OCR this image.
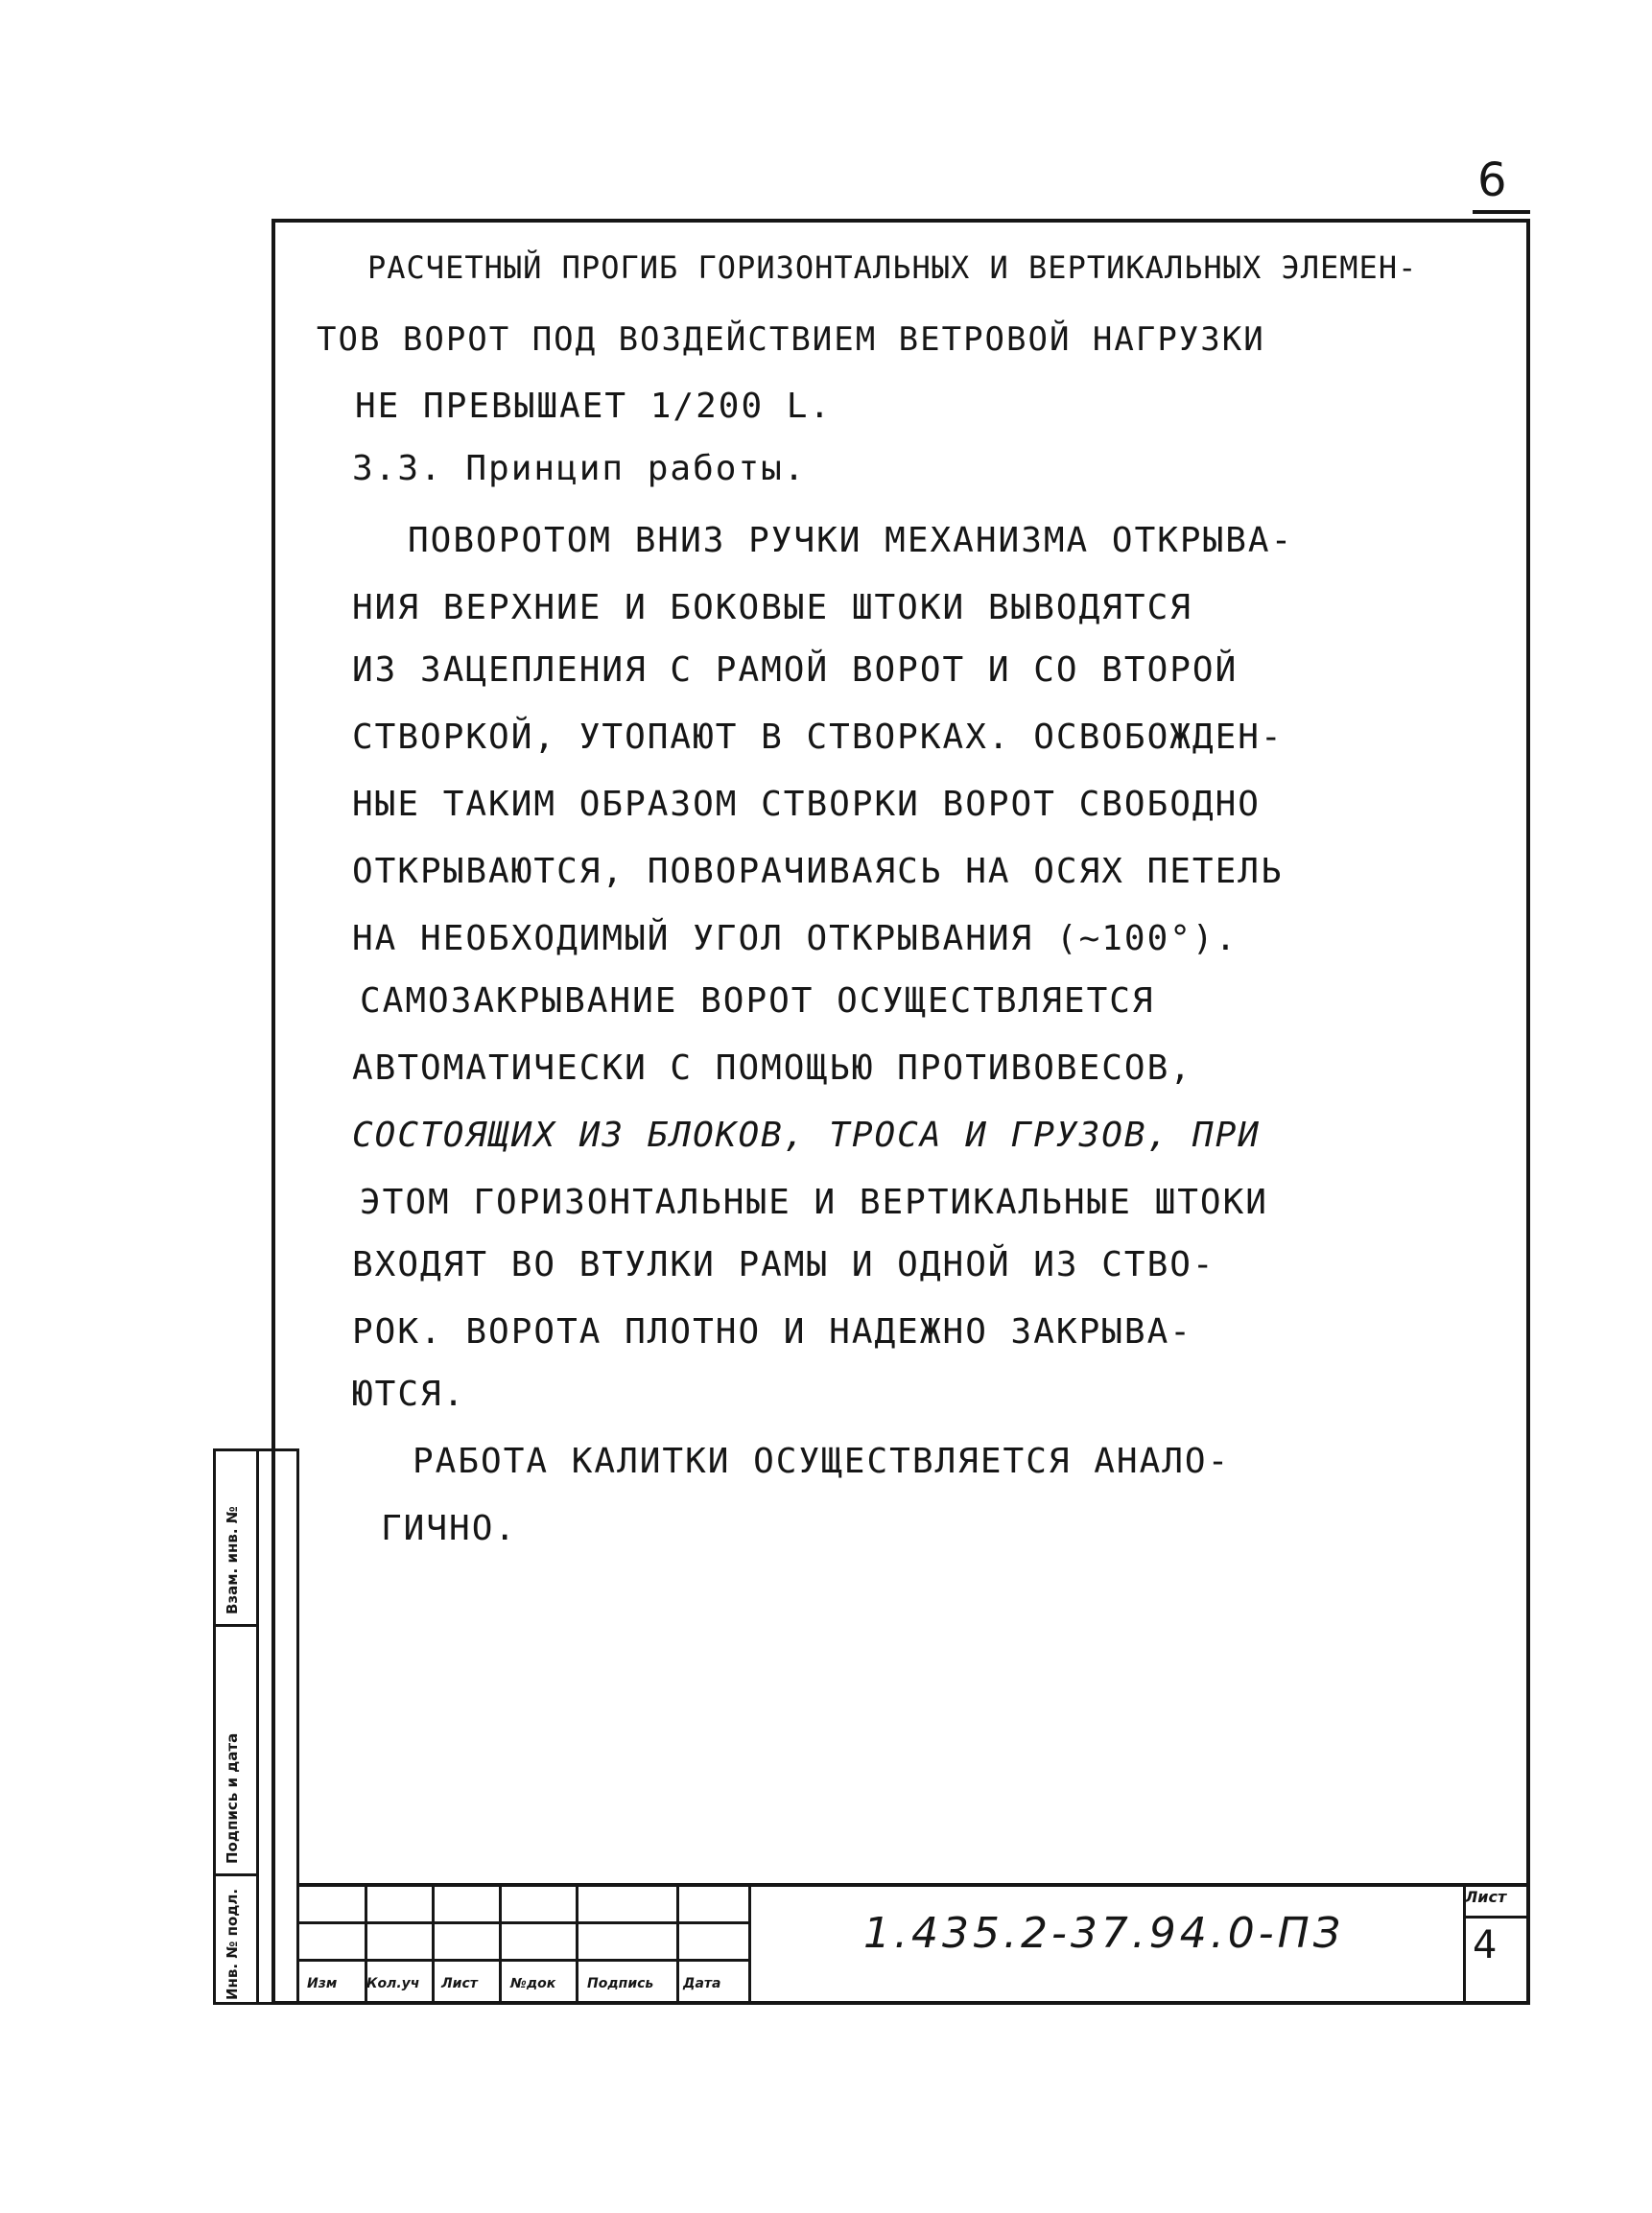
6
РАСЧЕТНЫЙ ПРОГИБ ГОРИЗОНТАЛЬНЫХ И ВЕРТИКАЛЬНЫХ ЭЛЕМЕН-
ТОВ ВОРОТ ПОД ВОЗДЕЙСТВИЕМ ВЕТРОВОЙ НАГРУЗКИ
НЕ ПРЕВЫШАЕТ 1/200 L.
3.3. Принцип работы.
ПОВОРОТОМ ВНИЗ РУЧКИ МЕХАНИЗМА ОТКРЫВА-
НИЯ ВЕРХНИЕ И БОКОВЫЕ ШТОКИ ВЫВОДЯТСЯ
ИЗ ЗАЦЕПЛЕНИЯ С РАМОЙ ВОРОТ И СО ВТОРОЙ
СТВОРКОЙ, УТОПАЮТ В СТВОРКАХ. ОСВОБОЖДЕН-
НЫЕ ТАКИМ ОБРАЗОМ СТВОРКИ ВОРОТ СВОБОДНО
ОТКРЫВАЮТСЯ, ПОВОРАЧИВАЯСЬ НА ОСЯХ ПЕТЕЛЬ
НА НЕОБХОДИМЫЙ УГОЛ ОТКРЫВАНИЯ (~100°).
САМОЗАКРЫВАНИЕ ВОРОТ ОСУЩЕСТВЛЯЕТСЯ
АВТОМАТИЧЕСКИ С ПОМОЩЬЮ ПРОТИВОВЕСОВ,
СОСТОЯЩИХ ИЗ БЛОКОВ, ТРОСА И ГРУЗОВ, ПРИ
ЭТОМ ГОРИЗОНТАЛЬНЫЕ И ВЕРТИКАЛЬНЫЕ ШТОКИ
ВХОДЯТ ВО ВТУЛКИ РАМЫ И ОДНОЙ ИЗ СТВО-
РОК. ВОРОТА ПЛОТНО И НАДЕЖНО ЗАКРЫВА-
ЮТСЯ.
РАБОТА КАЛИТКИ ОСУЩЕСТВЛЯЕТСЯ АНАЛО-
ГИЧНО.
Инв. № подл.
Подпись и дата
Взам. инв. №
Изм Кол.уч Лист №док Подпись Дата
1.435.2-37.94.0-ПЗ
Лист
4
